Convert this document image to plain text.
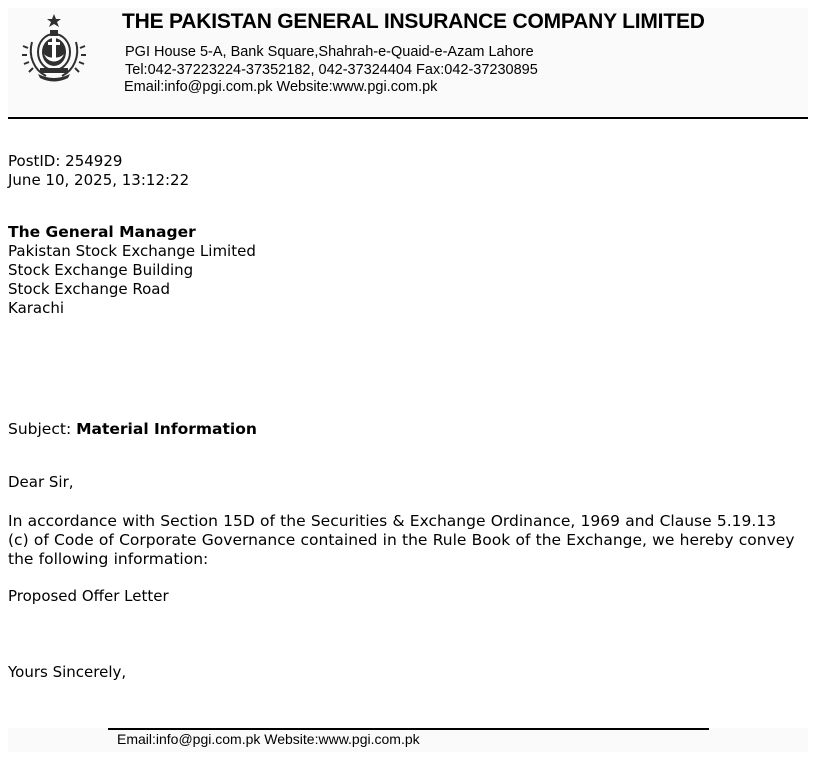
THE PAKISTAN GENERAL INSURANCE COMPANY LIMITED
PGI House 5-A, Bank Square,Shahrah-e-Quaid-e-Azam Lahore
Tel:042-37223224-37352182, 042-37324404 Fax:042-37230895
Email:info@pgi.com.pk Website:www.pgi.com.pk
PostID: 254929
June 10, 2025, 13:12:22
The General Manager
Pakistan Stock Exchange Limited
Stock Exchange Building
Stock Exchange Road
Karachi
Subject: Material Information
Dear Sir,
In accordance with Section 15D of the Securities & Exchange Ordinance, 1969 and Clause 5.19.13 (c) of Code of Corporate Governance contained in the Rule Book of the Exchange, we hereby convey the following information:
Proposed Offer Letter
Yours Sincerely,
Email:info@pgi.com.pk Website:www.pgi.com.pk
